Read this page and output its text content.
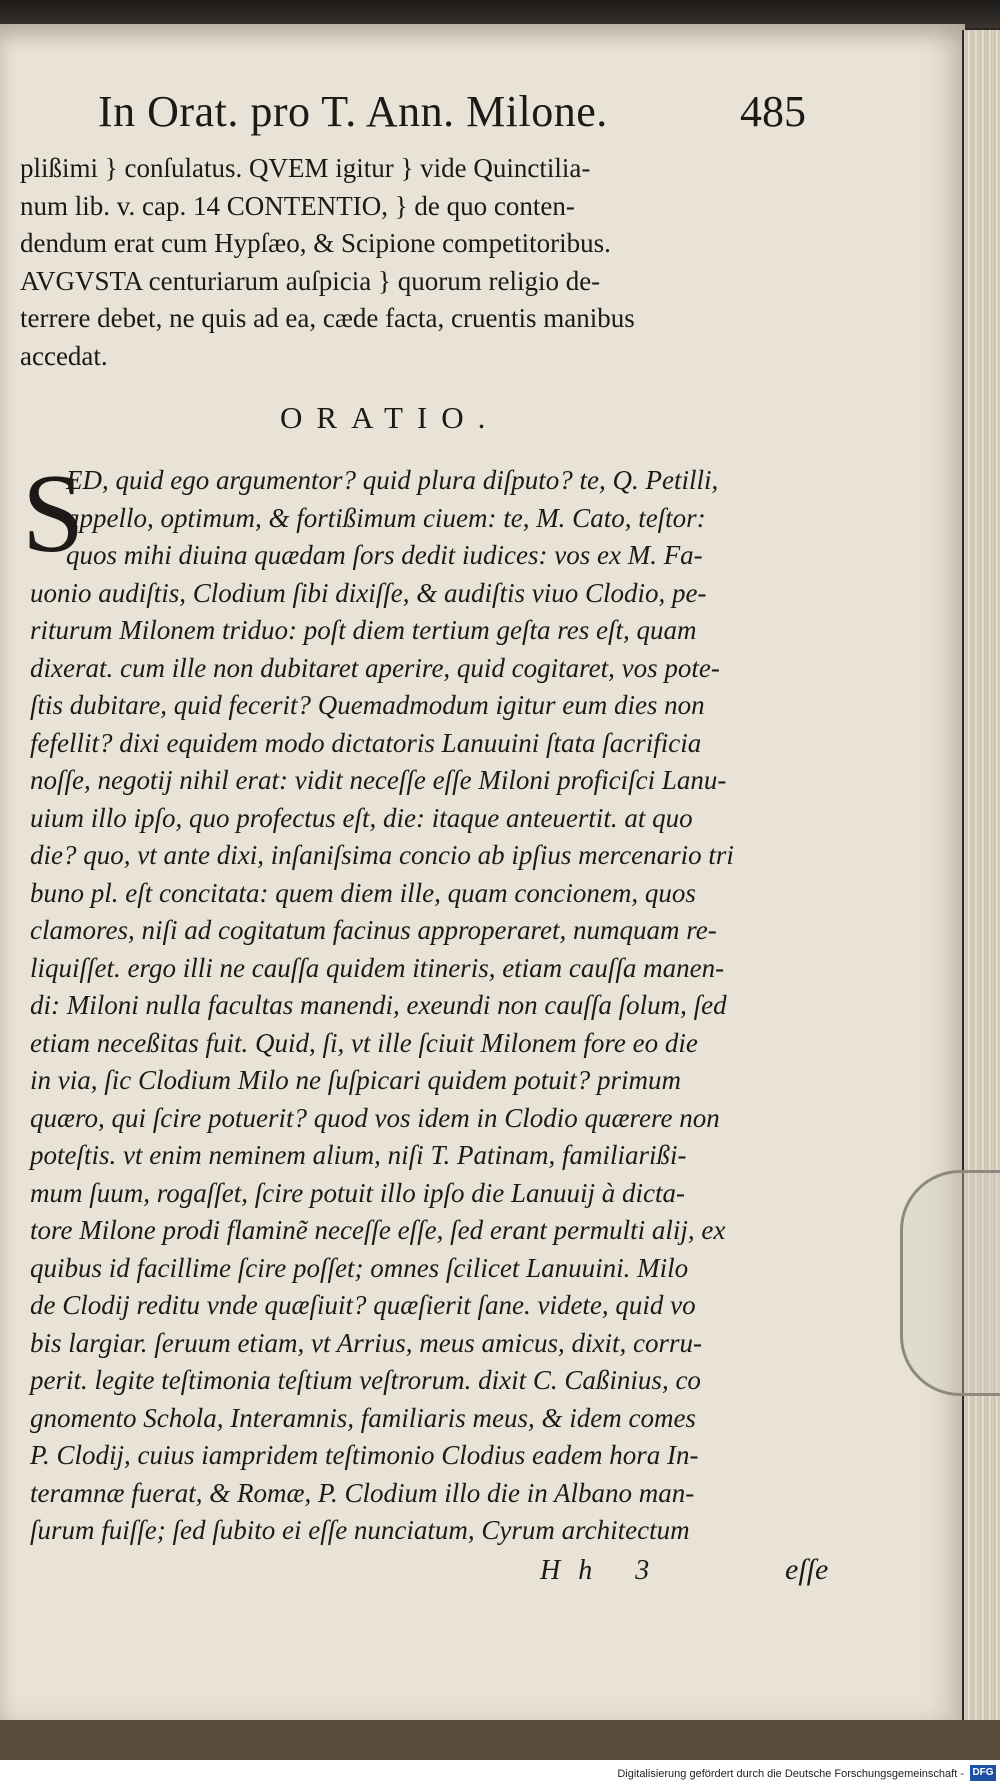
In Orat. pro T. Ann. Milone.	485
plißimi } conſulatus. QVEM igitur } vide Quinctilia-
num lib. v. cap. 14 CONTENTIO, } de quo conten-
dendum erat cum Hypſæo, & Scipione competitoribus.
AVGVSTA centuriarum auſpicia } quorum religio de-
terrere debet, ne quis ad ea, cæde facta, cruentis manibus
accedat.
ORATIO.
S
ED, quid ego argumentor? quid plura diſputo? te, Q. Petilli,
appello, optimum, & fortißimum ciuem: te, M. Cato, teſtor:
quos mihi diuina quædam ſors dedit iudices: vos ex M. Fa-
uonio audiſtis, Clodium ſibi dixiſſe, & audiſtis viuo Clodio, pe-
riturum Milonem triduo: poſt diem tertium geſta res eſt, quam
dixerat. cum ille non dubitaret aperire, quid cogitaret, vos pote-
ſtis dubitare, quid fecerit? Quemadmodum igitur eum dies non
fefellit? dixi equidem modo dictatoris Lanuuini ſtata ſacrificia
noſſe, negotij nihil erat: vidit neceſſe eſſe Miloni proficiſci Lanu-
uium illo ipſo, quo profectus eſt, die: itaque anteuertit. at quo
die? quo, vt ante dixi, inſaniſsima concio ab ipſius mercenario tri
buno pl. eſt concitata: quem diem ille, quam concionem, quos
clamores, niſi ad cogitatum facinus approperaret, numquam re-
liquiſſet. ergo illi ne cauſſa quidem itineris, etiam cauſſa manen-
di: Miloni nulla facultas manendi, exeundi non cauſſa ſolum, ſed
etiam neceßitas fuit. Quid, ſi, vt ille ſciuit Milonem fore eo die
in via, ſic Clodium Milo ne ſuſpicari quidem potuit? primum
quæro, qui ſcire potuerit? quod vos idem in Clodio quærere non
poteſtis. vt enim neminem alium, niſi T. Patinam, familiarißi-
mum ſuum, rogaſſet, ſcire potuit illo ipſo die Lanuuij à dicta-
tore Milone prodi flaminẽ neceſſe eſſe, ſed erant permulti alij, ex
quibus id facillime ſcire poſſet; omnes ſcilicet Lanuuini. Milo
de Clodij reditu vnde quæſiuit? quæſierit ſane. videte, quid vo
bis largiar. ſeruum etiam, vt Arrius, meus amicus, dixit, corru-
perit. legite teſtimonia teſtium veſtrorum. dixit C. Caßinius, co
gnomento Schola, Interamnis, familiaris meus, & idem comes
P. Clodij, cuius iampridem teſtimonio Clodius eadem hora In-
teramnæ fuerat, & Romæ, P. Clodium illo die in Albano man-
ſurum fuiſſe; ſed ſubito ei eſſe nunciatum, Cyrum architectum
Hh 3	eſſe
Digitalisierung gefördert durch die Deutsche Forschungsgemeinschaft - DFG
